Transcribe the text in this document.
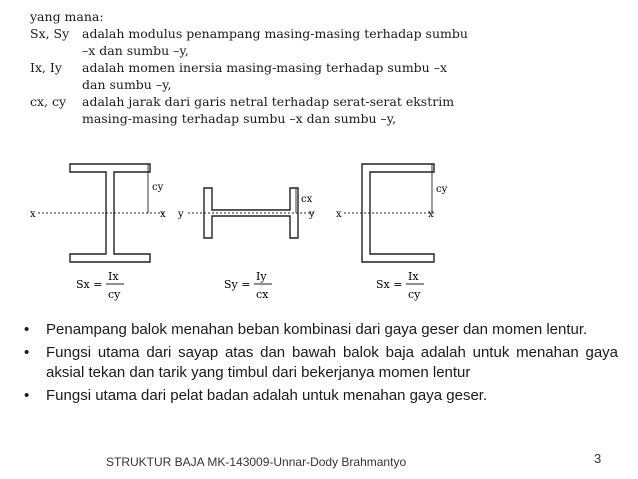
yang mana:
Sx, Sy	adalah modulus penampang masing-masing terhadap sumbu
–x dan sumbu –y,
Ix, Iy	adalah momen inersia masing-masing terhadap sumbu –x
dan sumbu –y,
cx, cy	adalah jarak dari garis netral terhadap serat-serat ekstrim
masing-masing terhadap sumbu –x dan sumbu –y,
x	x
cy
y	y
cx
x	x
cy
Sx =
Ix
cy
Sy =
Iy
cx
Sx =
Ix
cy
•	Penampang balok menahan beban kombinasi dari gaya geser dan momen lentur.
•	Fungsi utama dari sayap atas dan bawah balok baja adalah untuk menahan gaya aksial tekan dan tarik yang timbul dari bekerjanya momen lentur
•	Fungsi utama dari pelat badan adalah untuk menahan gaya geser.
STRUKTUR BAJA MK-143009-Unnar-Dody Brahmantyo	3
